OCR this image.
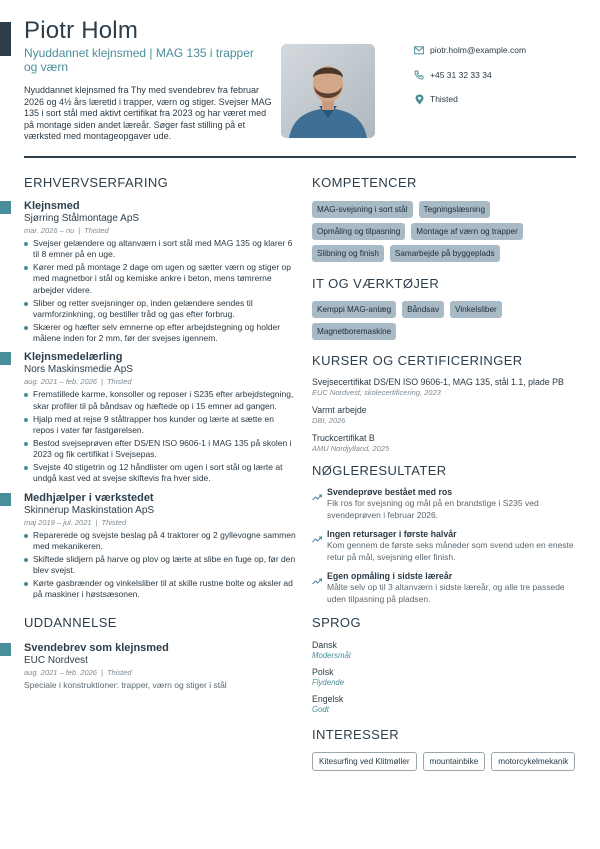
Piotr Holm
Nyuddannet klejnsmed | MAG 135 i trapper og værn
Nyuddannet klejnsmed fra Thy med svendebrev fra februar 2026 og 4½ års læretid i trapper, værn og stiger. Svejser MAG 135 i sort stål med aktivt certifikat fra 2023 og har været med på montage siden andet læreår. Søger fast stilling på et værksted med montageopgaver ude.
piotr.holm@example.com
+45 31 32 33 34
Thisted
ERHVERVSERFARING
Klejnsmed
Sjørring Stålmontage ApS
mar. 2026 – nu | Thisted
Svejser gelændere og altanværn i sort stål med MAG 135 og klarer 6 til 8 emner på en uge.
Kører med på montage 2 dage om ugen og sætter værn og stiger op med magnetbor i stål og kemiske ankre i beton, mens tømrerne arbejder videre.
Sliber og retter svejsninger op, inden gelændere sendes til varmforzinkning, og bestiller tråd og gas efter forbrug.
Skærer og hæfter selv emnerne op efter arbejdstegning og holder målene inden for 2 mm, før der svejses igennem.
Klejnsmedelærling
Nors Maskinsmedie ApS
aug. 2021 – feb. 2026 | Thisted
Fremstillede karme, konsoller og reposer i S235 efter arbejdstegning, skar profiler til på båndsav og hæftede op i 15 emner ad gangen.
Hjalp med at rejse 9 ståltrapper hos kunder og lærte at sætte en repos i vater før fastgørelsen.
Bestod svejseprøven efter DS/EN ISO 9606-1 i MAG 135 på skolen i 2023 og fik certifikat i Svejsepas.
Svejste 40 stigetrin og 12 håndlister om ugen i sort stål og lærte at undgå kast ved at svejse skiftevis fra hver side.
Medhjælper i værkstedet
Skinnerup Maskinstation ApS
maj 2019 – jul. 2021 | Thisted
Reparerede og svejste beslag på 4 traktorer og 2 gyllevogne sammen med mekanikeren.
Skiftede slidjern på harve og plov og lærte at slibe en fuge op, før den blev svejst.
Kørte gasbrænder og vinkelsliber til at skille rustne bolte og aksler ad på maskiner i høstsæsonen.
UDDANNELSE
Svendebrev som klejnsmed
EUC Nordvest
aug. 2021 – feb. 2026 | Thisted
Speciale i konstruktioner: trapper, værn og stiger i stål
KOMPETENCER
MAG-svejsning i sort stål	Tegningslæsning
Opmåling og tilpasning	Montage af værn og trapper
Slibning og finish	Samarbejde på byggeplads
IT OG VÆRKTØJER
Kemppi MAG-anlæg	Båndsav	Vinkelsliber
Magnetboremaskine
KURSER OG CERTIFICERINGER
Svejsecertifikat DS/EN ISO 9606-1, MAG 135, stål 1.1, plade PB
EUC Nordvest, skolecertificering, 2023
Varmt arbejde
DBI, 2026
Truckcertifikat B
AMU Nordjylland, 2025
NØGLERESULTATER
Svendeprøve bestået med ros
Fik ros for svejsning og mål på en brandstige i S235 ved svendeprøven i februar 2026.
Ingen retursager i første halvår
Kom gennem de første seks måneder som svend uden en eneste retur på mål, svejsning eller finish.
Egen opmåling i sidste læreår
Målte selv op til 3 altanværn i sidste læreår, og alle tre passede uden tilpasning på pladsen.
SPROG
Dansk
Modersmål
Polsk
Flydende
Engelsk
Godt
INTERESSER
Kitesurfing ved Klitmøller	mountainbike	motorcykelmekanik
